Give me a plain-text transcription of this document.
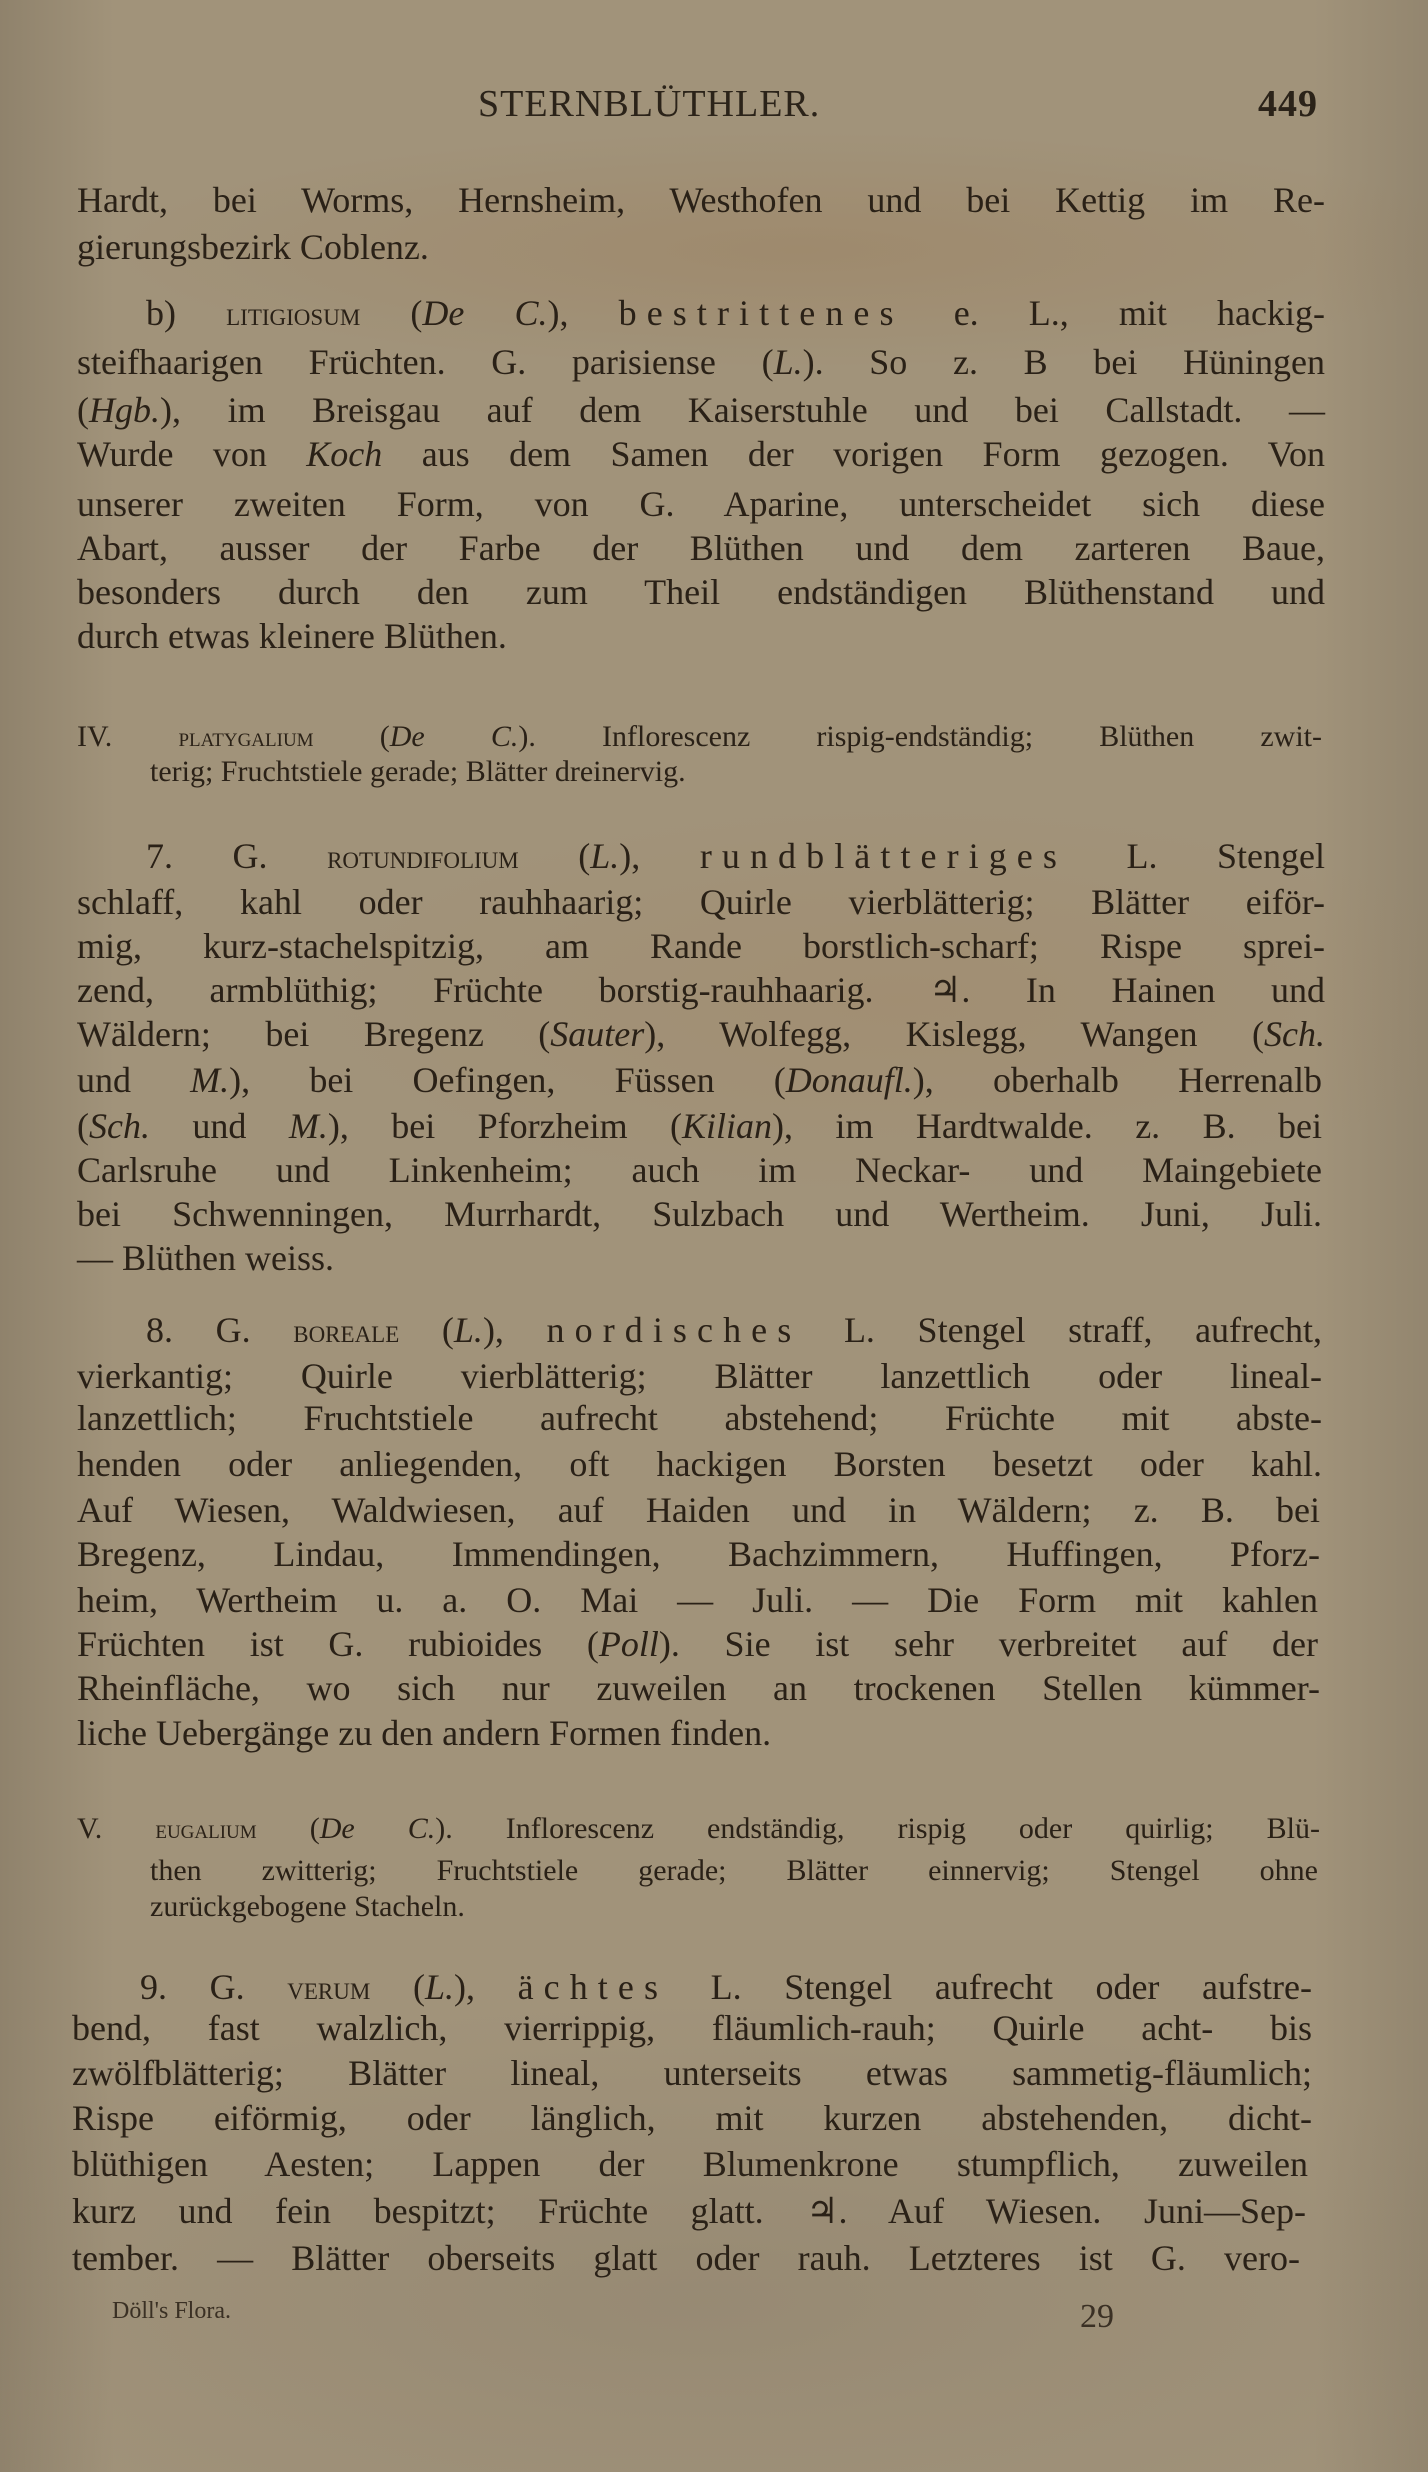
STERNBLÜTHLER.	449
Hardt, bei Worms, Hernsheim, Westhofen und bei Kettig im Re-
gierungsbezirk Coblenz.
b) litigiosum (De C.), bestrittenes e. L., mit hackig-
steifhaarigen Früchten. G. parisiense (L.). So z. B bei Hüningen
(Hgb.), im Breisgau auf dem Kaiserstuhle und bei Callstadt. —
Wurde von Koch aus dem Samen der vorigen Form gezogen. Von
unserer zweiten Form, von G. Aparine, unterscheidet sich diese
Abart, ausser der Farbe der Blüthen und dem zarteren Baue,
besonders durch den zum Theil endständigen Blüthenstand und
durch etwas kleinere Blüthen.
IV. platygalium (De C.). Inflorescenz rispig-endständig; Blüthen zwit-
terig; Fruchtstiele gerade; Blätter dreinervig.
7. G. rotundifolium (L.), rundblätteriges L. Stengel
schlaff, kahl oder rauhhaarig; Quirle vierblätterig; Blätter eiför-
mig, kurz-stachelspitzig, am Rande borstlich-scharf; Rispe sprei-
zend, armblüthig; Früchte borstig-rauhhaarig. ♃. In Hainen und
Wäldern; bei Bregenz (Sauter), Wolfegg, Kislegg, Wangen (Sch.
und M.), bei Oefingen, Füssen (Donaufl.), oberhalb Herrenalb
(Sch. und M.), bei Pforzheim (Kilian), im Hardtwalde. z. B. bei
Carlsruhe und Linkenheim; auch im Neckar- und Maingebiete
bei Schwenningen, Murrhardt, Sulzbach und Wertheim. Juni, Juli.
— Blüthen weiss.
8. G. boreale (L.), nordisches L. Stengel straff, aufrecht,
vierkantig; Quirle vierblätterig; Blätter lanzettlich oder lineal-
lanzettlich; Fruchtstiele aufrecht abstehend; Früchte mit abste-
henden oder anliegenden, oft hackigen Borsten besetzt oder kahl.
Auf Wiesen, Waldwiesen, auf Haiden und in Wäldern; z. B. bei
Bregenz, Lindau, Immendingen, Bachzimmern, Huffingen, Pforz-
heim, Wertheim u. a. O. Mai — Juli. — Die Form mit kahlen
Früchten ist G. rubioides (Poll). Sie ist sehr verbreitet auf der
Rheinfläche, wo sich nur zuweilen an trockenen Stellen kümmer-
liche Uebergänge zu den andern Formen finden.
V. eugalium (De C.). Inflorescenz endständig, rispig oder quirlig; Blü-
then zwitterig; Fruchtstiele gerade; Blätter einnervig; Stengel ohne
zurückgebogene Stacheln.
9. G. verum (L.), ächtes L. Stengel aufrecht oder aufstre-
bend, fast walzlich, vierrippig, fläumlich-rauh; Quirle acht- bis
zwölfblätterig; Blätter lineal, unterseits etwas sammetig-fläumlich;
Rispe eiförmig, oder länglich, mit kurzen abstehenden, dicht-
blüthigen Aesten; Lappen der Blumenkrone stumpflich, zuweilen
kurz und fein bespitzt; Früchte glatt. ♃. Auf Wiesen. Juni—Sep-
tember. — Blätter oberseits glatt oder rauh. Letzteres ist G. vero-
Döll's Flora.	29
